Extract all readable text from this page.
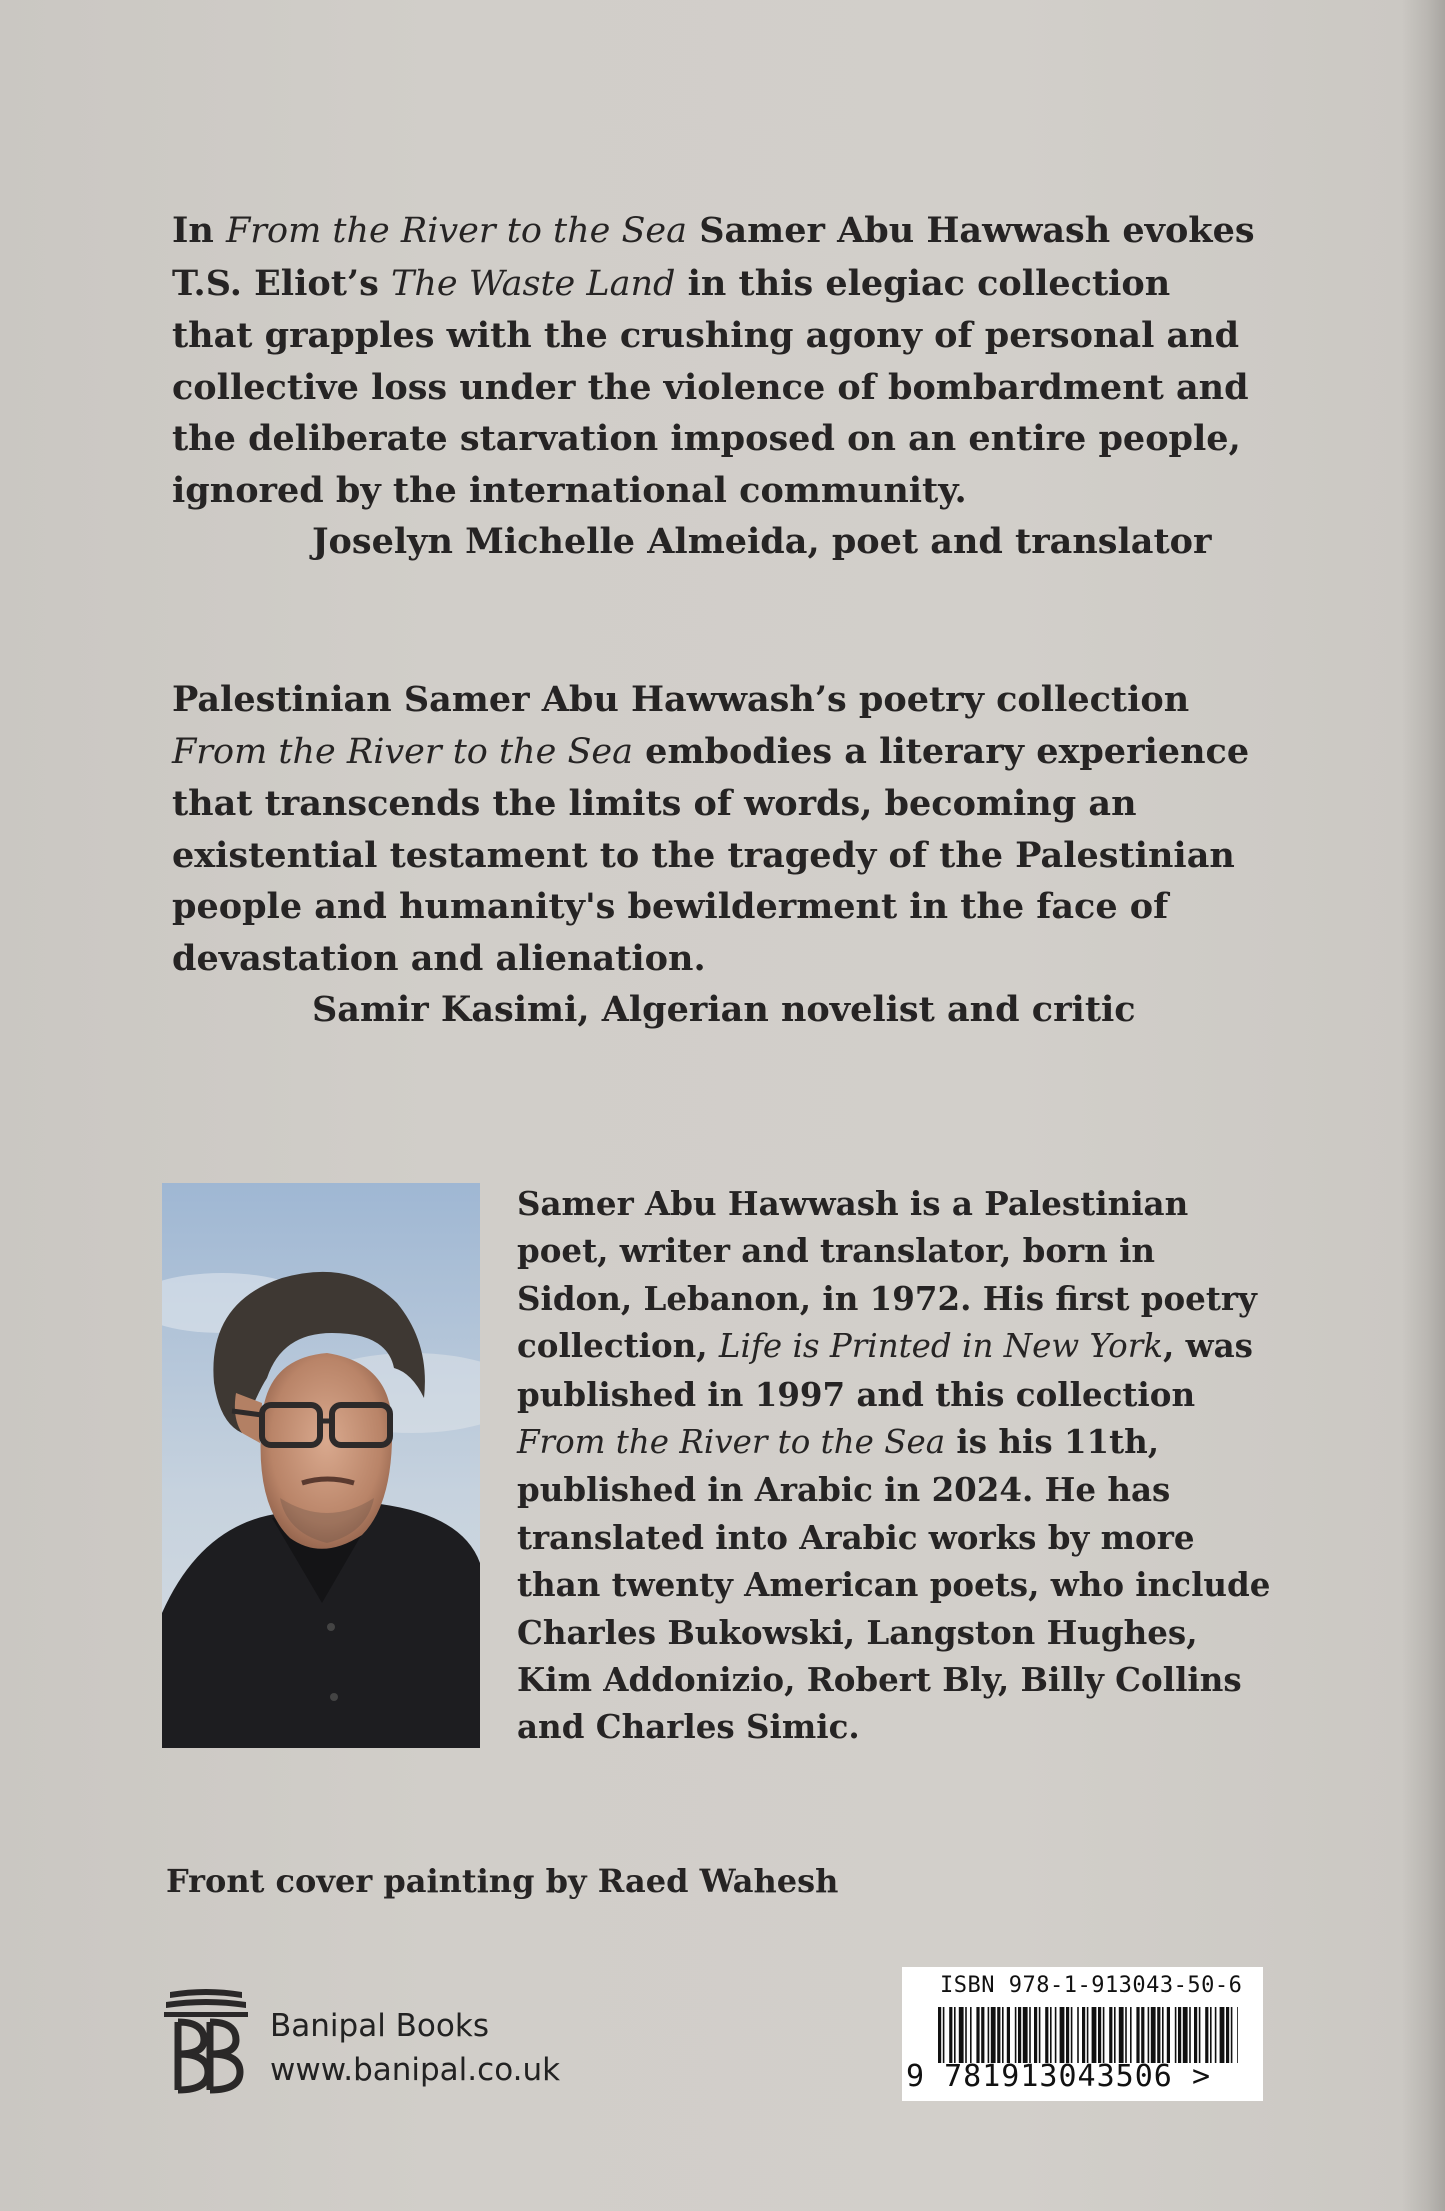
In From the River to the Sea Samer Abu Hawwash evokes

T.S. Eliot’s The Waste Land in this elegiac collection

that grapples with the crushing agony of personal and

collective loss under the violence of bombardment and

the deliberate starvation imposed on an entire people,

ignored by the international community.

Joselyn Michelle Almeida, poet and translator

Palestinian Samer Abu Hawwash’s poetry collection

From the River to the Sea embodies a literary experience

that transcends the limits of words, becoming an

existential testament to the tragedy of the Palestinian

people and humanity's bewilderment in the face of

devastation and alienation.

Samir Kasimi, Algerian novelist and critic

Samer Abu Hawwash is a Palestinian

poet, writer and translator, born in

Sidon, Lebanon, in 1972. His first poetry

collection, Life is Printed in New York, was

published in 1997 and this collection

From the River to the Sea is his 11th,

published in Arabic in 2024. He has

translated into Arabic works by more

than twenty American poets, who include

Charles Bukowski, Langston Hughes,

Kim Addonizio, Robert Bly, Billy Collins

and Charles Simic.

Front cover painting by Raed Wahesh
Banipal Books
www.banipal.co.uk
ISBN 978-1-913043-50-6
9 781913043506 >
